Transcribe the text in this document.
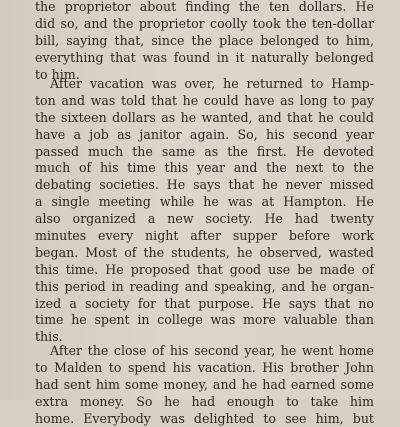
the proprietor about finding the ten dollars. He
did so, and the proprietor coolly took the ten-dollar
bill, saying that, since the place belonged to him,
everything that was found in it naturally belonged
to him.
After vacation was over, he returned to Hamp-
ton and was told that he could have as long to pay
the sixteen dollars as he wanted, and that he could
have a job as janitor again. So, his second year
passed much the same as the first. He devoted
much of his time this year and the next to the
debating societies. He says that he never missed
a single meeting while he was at Hampton. He
also organized a new society. He had twenty
minutes every night after supper before work
began. Most of the students, he observed, wasted
this time. He proposed that good use be made of
this period in reading and speaking, and he organ-
ized a society for that purpose. He says that no
time he spent in college was more valuable than
this.
After the close of his second year, he went home
to Malden to spend his vacation. His brother John
had sent him some money, and he had earned some
extra money. So he had enough to take him
home. Everybody was delighted to see him, but
